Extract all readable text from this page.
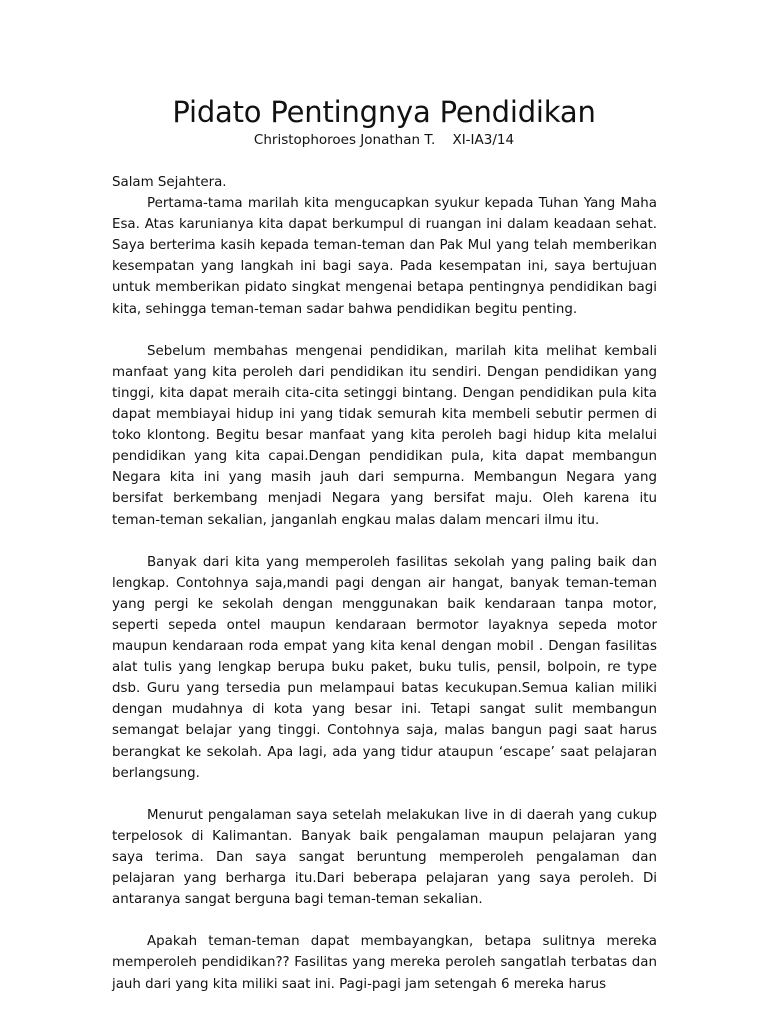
Pidato Pentingnya Pendidikan
Christophoroes Jonathan T.    XI-IA3/14

Salam Sejahtera.

Pertama-tama marilah kita mengucapkan syukur kepada Tuhan Yang Maha Esa. Atas karunianya kita dapat berkumpul di ruangan ini dalam keadaan sehat. Saya berterima kasih kepada teman-teman dan Pak Mul yang telah memberikan kesempatan yang langkah ini bagi saya. Pada kesempatan ini, saya bertujuan untuk memberikan pidato singkat mengenai betapa pentingnya pendidikan bagi kita, sehingga teman-teman sadar bahwa pendidikan begitu penting.

Sebelum membahas mengenai pendidikan, marilah kita melihat kembali manfaat yang kita peroleh dari pendidikan itu sendiri. Dengan pendidikan yang tinggi, kita dapat meraih cita-cita setinggi bintang. Dengan pendidikan pula kita dapat membiayai hidup ini yang tidak semurah kita membeli sebutir permen di toko klontong. Begitu besar manfaat yang kita peroleh bagi hidup kita melalui pendidikan yang kita capai.Dengan pendidikan pula, kita dapat membangun Negara kita ini yang masih jauh dari sempurna. Membangun Negara yang bersifat berkembang menjadi Negara yang bersifat maju. Oleh karena itu teman-teman sekalian, janganlah engkau malas dalam mencari ilmu itu.

Banyak dari kita yang memperoleh fasilitas sekolah yang paling baik dan lengkap. Contohnya saja,mandi pagi dengan air hangat, banyak teman-teman yang pergi ke sekolah dengan menggunakan baik kendaraan tanpa motor, seperti sepeda ontel maupun kendaraan bermotor layaknya sepeda motor maupun kendaraan roda empat yang kita kenal dengan mobil . Dengan fasilitas alat tulis yang lengkap berupa buku paket, buku tulis, pensil, bolpoin, re type dsb. Guru yang tersedia pun melampaui batas kecukupan.Semua kalian miliki dengan mudahnya di kota yang besar ini. Tetapi sangat sulit membangun semangat belajar yang tinggi. Contohnya saja, malas bangun pagi saat harus berangkat ke sekolah. Apa lagi, ada yang tidur ataupun ‘escape’ saat pelajaran berlangsung.

Menurut pengalaman saya setelah melakukan live in di daerah yang cukup terpelosok di Kalimantan. Banyak baik pengalaman maupun pelajaran yang saya terima. Dan saya sangat beruntung memperoleh pengalaman dan pelajaran yang berharga itu.Dari beberapa pelajaran yang saya peroleh. Di antaranya sangat berguna bagi teman-teman sekalian.

Apakah teman-teman dapat membayangkan, betapa sulitnya mereka memperoleh pendidikan?? Fasilitas yang mereka peroleh sangatlah terbatas dan jauh dari yang kita miliki saat ini. Pagi-pagi jam setengah 6 mereka harus
